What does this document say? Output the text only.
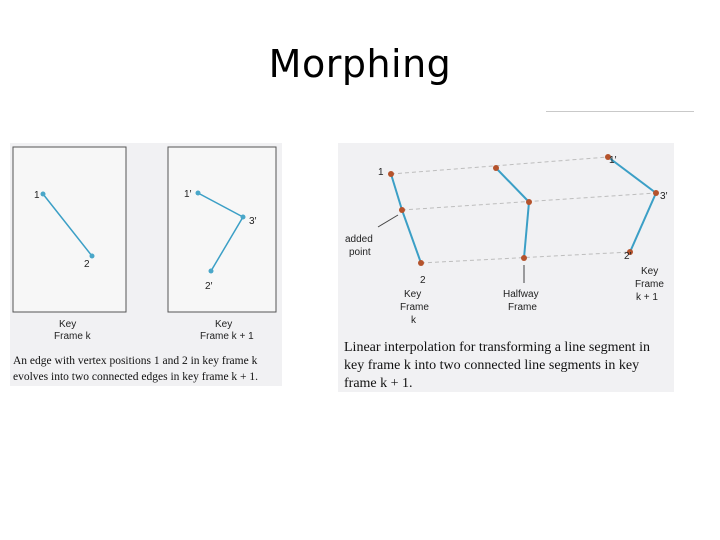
Morphing
1
2
Key
Frame k
1′
3′
2′
Key
Frame k + 1
An edge with vertex positions 1 and 2 in key frame k
evolves into two connected edges in key frame k + 1.
1
2
1′
3′
2′
added
point
Key
Frame
k
Halfway
Frame
Key
Frame
k + 1
Linear interpolation for transforming a line segment in
key frame k into two connected line segments in key
frame k + 1.
